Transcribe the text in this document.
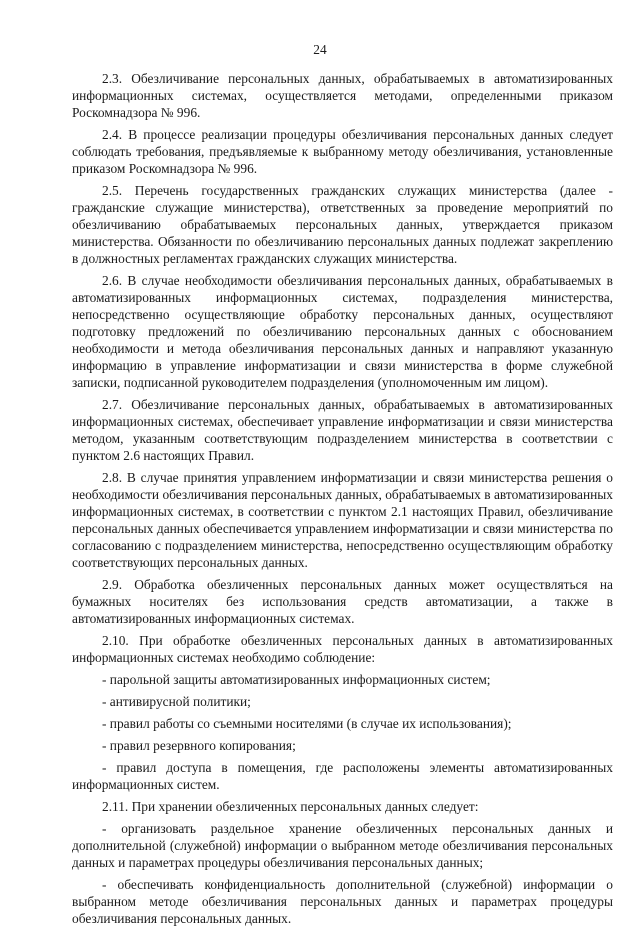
24

2.3. Обезличивание персональных данных, обрабатываемых в автоматизированных информационных системах, осуществляется методами, определенными приказом Роскомнадзора № 996.

2.4. В процессе реализации процедуры обезличивания персональных данных следует соблюдать требования, предъявляемые к выбранному методу обезличивания, установленные приказом Роскомнадзора № 996.

2.5. Перечень государственных гражданских служащих министерства (далее - гражданские служащие министерства), ответственных за проведение мероприятий по обезличиванию обрабатываемых персональных данных, утверждается приказом министерства. Обязанности по обезличиванию персональных данных подлежат закреплению в должностных регламентах гражданских служащих министерства.

2.6. В случае необходимости обезличивания персональных данных, обрабатываемых в автоматизированных информационных системах, подразделения министерства, непосредственно осуществляющие обработку персональных данных, осуществляют подготовку предложений по обезличиванию персональных данных с обоснованием необходимости и метода обезличивания персональных данных и направляют указанную информацию в управление информатизации и связи министерства в форме служебной записки, подписанной руководителем подразделения (уполномоченным им лицом).

2.7. Обезличивание персональных данных, обрабатываемых в автоматизированных информационных системах, обеспечивает управление информатизации и связи министерства методом, указанным соответствующим подразделением министерства в соответствии с пунктом 2.6 настоящих Правил.

2.8. В случае принятия управлением информатизации и связи министерства решения о необходимости обезличивания персональных данных, обрабатываемых в автоматизированных информационных системах, в соответствии с пунктом 2.1 настоящих Правил, обезличивание персональных данных обеспечивается управлением информатизации и связи министерства по согласованию с подразделением министерства, непосредственно осуществляющим обработку соответствующих персональных данных.

2.9. Обработка обезличенных персональных данных может осуществляться на бумажных носителях без использования средств автоматизации, а также в автоматизированных информационных системах.

2.10. При обработке обезличенных персональных данных в автоматизированных информационных системах необходимо соблюдение:

- парольной защиты автоматизированных информационных систем;

- антивирусной политики;

- правил работы со съемными носителями (в случае их использования);

- правил резервного копирования;

- правил доступа в помещения, где расположены элементы автоматизированных информационных систем.

2.11. При хранении обезличенных персональных данных следует:

- организовать раздельное хранение обезличенных персональных данных и дополнительной (служебной) информации о выбранном методе обезличивания персональных данных и параметрах процедуры обезличивания персональных данных;

- обеспечивать конфиденциальность дополнительной (служебной) информации о выбранном методе обезличивания персональных данных и параметрах процедуры обезличивания персональных данных.
